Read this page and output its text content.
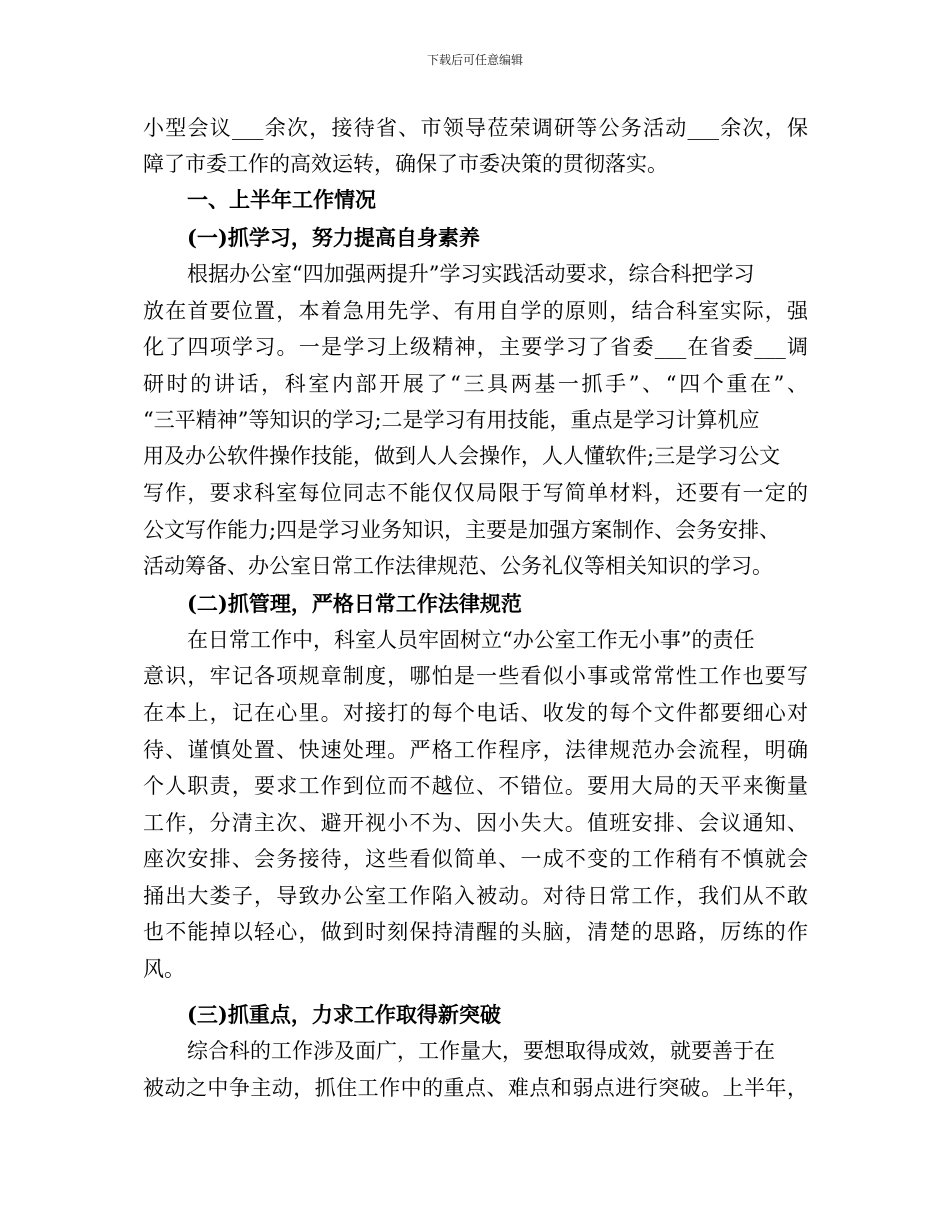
下载后可任意编辑
小型会议___余次，接待省、市领导莅荣调研等公务活动___余次，保
障了市委工作的高效运转，确保了市委决策的贯彻落实。
一、上半年工作情况
(一)抓学习，努力提高自身素养
根据办公室“四加强两提升”学习实践活动要求，综合科把学习
放在首要位置，本着急用先学、有用自学的原则，结合科室实际，强
化了四项学习。一是学习上级精神，主要学习了省委___在省委___调
研时的讲话，科室内部开展了“三具两基一抓手”、“四个重在”、
“三平精神”等知识的学习;二是学习有用技能，重点是学习计算机应
用及办公软件操作技能，做到人人会操作，人人懂软件;三是学习公文
写作，要求科室每位同志不能仅仅局限于写简单材料，还要有一定的
公文写作能力;四是学习业务知识，主要是加强方案制作、会务安排、
活动筹备、办公室日常工作法律规范、公务礼仪等相关知识的学习。
(二)抓管理，严格日常工作法律规范
在日常工作中，科室人员牢固树立“办公室工作无小事”的责任
意识，牢记各项规章制度，哪怕是一些看似小事或常常性工作也要写
在本上，记在心里。对接打的每个电话、收发的每个文件都要细心对
待、谨慎处置、快速处理。严格工作程序，法律规范办会流程，明确
个人职责，要求工作到位而不越位、不错位。要用大局的天平来衡量
工作，分清主次、避开视小不为、因小失大。值班安排、会议通知、
座次安排、会务接待，这些看似简单、一成不变的工作稍有不慎就会
捅出大娄子，导致办公室工作陷入被动。对待日常工作，我们从不敢
也不能掉以轻心，做到时刻保持清醒的头脑，清楚的思路，厉练的作
风。
(三)抓重点，力求工作取得新突破
综合科的工作涉及面广，工作量大，要想取得成效，就要善于在
被动之中争主动，抓住工作中的重点、难点和弱点进行突破。上半年，
